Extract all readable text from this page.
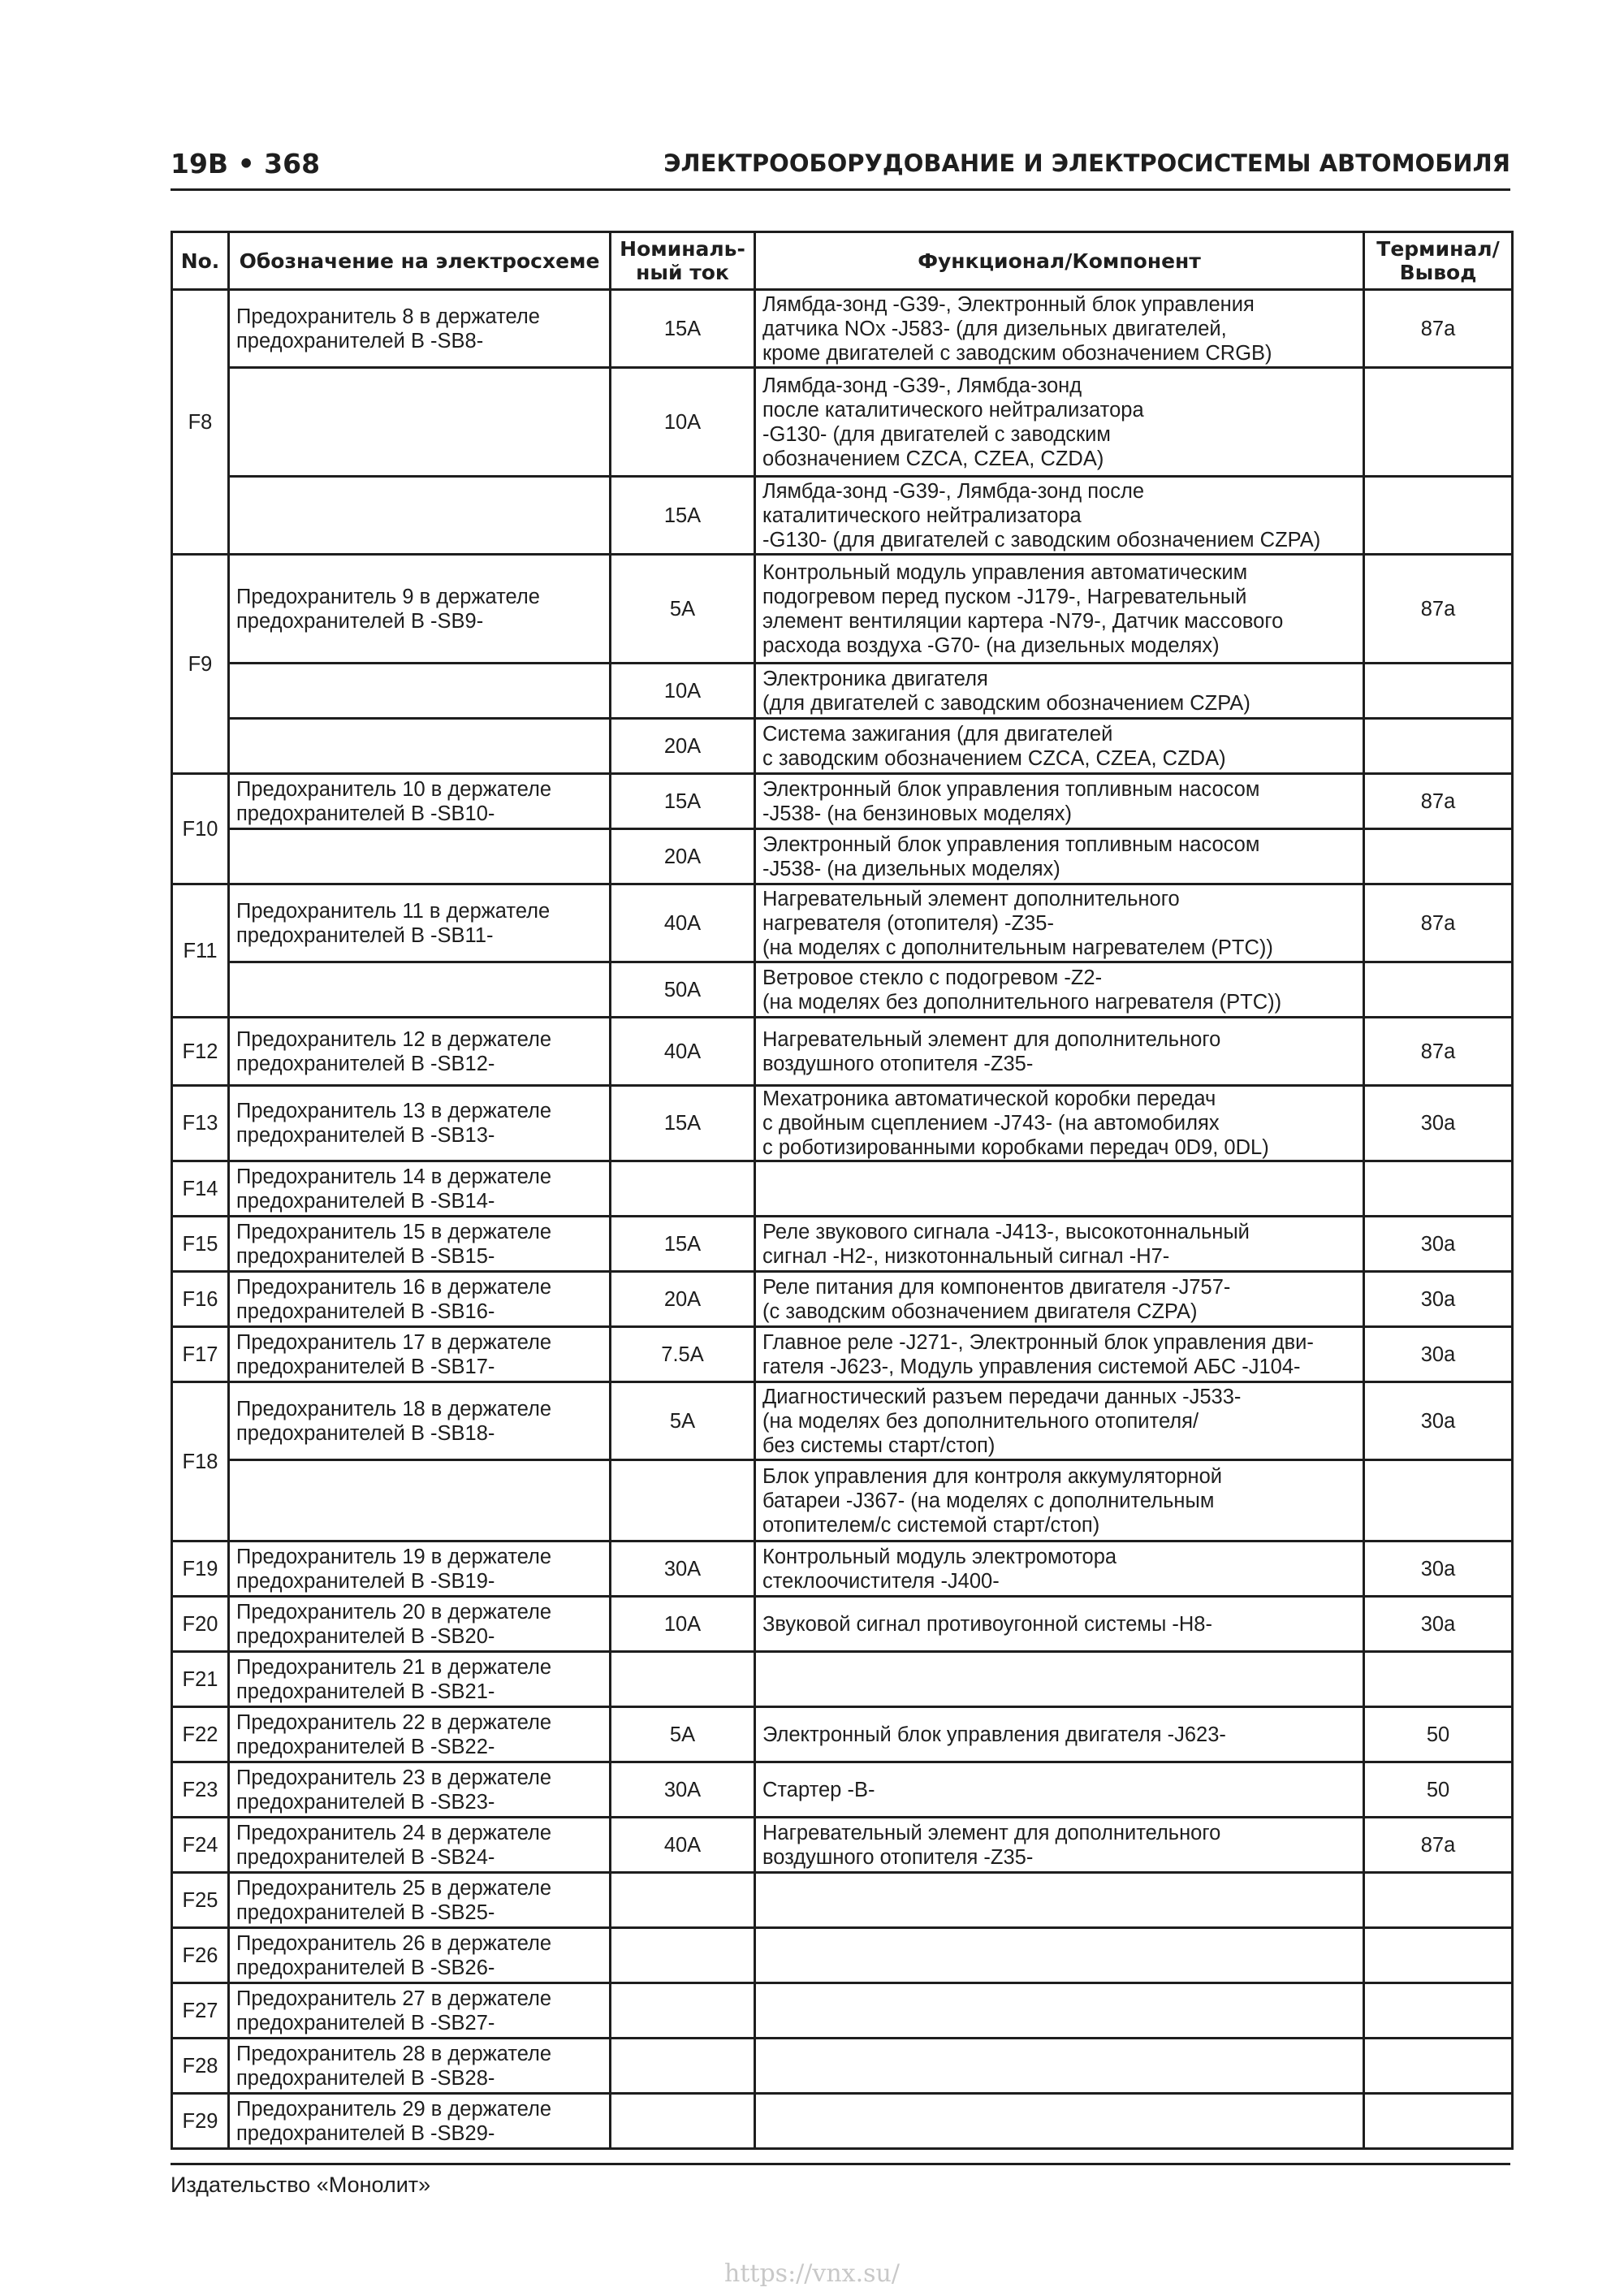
19B • 368	ЭЛЕКТРООБОРУДОВАНИЕ И ЭЛЕКТРОСИСТЕМЫ АВТОМОБИЛЯ
No.	Обозначение на электросхеме	Номиналь-
ный ток	Функционал/Компонент	Терминал/
Вывод
F8	Предохранитель 8 в держателе
предохранителей B -SB8-	15A	Лямбда-зонд -G39-, Электронный блок управления
датчика NOx -J583- (для дизельных двигателей,
кроме двигателей с заводским обозначением CRGB)	87a
		10A	Лямбда-зонд -G39-, Лямбда-зонд
после каталитического нейтрализатора
-G130- (для двигателей с заводским
обозначением CZCA, CZEA, CZDA)	
		15A	Лямбда-зонд -G39-, Лямбда-зонд после
каталитического нейтрализатора
-G130- (для двигателей с заводским обозначением CZPA)	
F9	Предохранитель 9 в держателе
предохранителей B -SB9-	5A	Контрольный модуль управления автоматическим
подогревом перед пуском -J179-, Нагревательный
элемент вентиляции картера -N79-, Датчик массового
расхода воздуха -G70- (на дизельных моделях)	87a
		10A	Электроника двигателя
(для двигателей с заводским обозначением CZPA)	
		20A	Система зажигания (для двигателей
с заводским обозначением CZCA, CZEA, CZDA)	
F10	Предохранитель 10 в держателе
предохранителей B -SB10-	15A	Электронный блок управления топливным насосом
-J538- (на бензиновых моделях)	87a
		20A	Электронный блок управления топливным насосом
-J538- (на дизельных моделях)	
F11	Предохранитель 11 в держателе
предохранителей B -SB11-	40A	Нагревательный элемент дополнительного
нагревателя (отопителя) -Z35-
(на моделях с дополнительным нагревателем (PTC))	87a
		50A	Ветровое стекло с подогревом -Z2-
(на моделях без дополнительного нагревателя (PTC))	
F12	Предохранитель 12 в держателе
предохранителей B -SB12-	40A	Нагревательный элемент для дополнительного
воздушного отопителя -Z35-	87a
F13	Предохранитель 13 в держателе
предохранителей B -SB13-	15A	Мехатроника автоматической коробки передач
с двойным сцеплением -J743- (на автомобилях
с роботизированными коробками передач 0D9, 0DL)	30a
F14	Предохранитель 14 в держателе
предохранителей B -SB14-			
F15	Предохранитель 15 в держателе
предохранителей B -SB15-	15A	Реле звукового сигнала -J413-, высокотоннальный
сигнал -H2-, низкотоннальный сигнал -H7-	30a
F16	Предохранитель 16 в держателе
предохранителей B -SB16-	20A	Реле питания для компонентов двигателя -J757-
(с заводским обозначением двигателя CZPA)	30a
F17	Предохранитель 17 в держателе
предохранителей B -SB17-	7.5A	Главное реле -J271-, Электронный блок управления дви-
гателя -J623-, Модуль управления системой АБС -J104-	30a
F18	Предохранитель 18 в держателе
предохранителей B -SB18-	5A	Диагностический разъем передачи данных -J533-
(на моделях без дополнительного отопителя/
без системы старт/стоп)	30a
			Блок управления для контроля аккумуляторной
батареи -J367- (на моделях с дополнительным
отопителем/с системой старт/стоп)	
F19	Предохранитель 19 в держателе
предохранителей B -SB19-	30A	Контрольный модуль электромотора
стеклоочистителя -J400-	30a
F20	Предохранитель 20 в держателе
предохранителей B -SB20-	10A	Звуковой сигнал противоугонной системы -H8-	30a
F21	Предохранитель 21 в держателе
предохранителей B -SB21-			
F22	Предохранитель 22 в держателе
предохранителей B -SB22-	5A	Электронный блок управления двигателя -J623-	50
F23	Предохранитель 23 в держателе
предохранителей B -SB23-	30A	Стартер -B-	50
F24	Предохранитель 24 в держателе
предохранителей B -SB24-	40A	Нагревательный элемент для дополнительного
воздушного отопителя -Z35-	87a
F25	Предохранитель 25 в держателе
предохранителей B -SB25-			
F26	Предохранитель 26 в держателе
предохранителей B -SB26-			
F27	Предохранитель 27 в держателе
предохранителей B -SB27-			
F28	Предохранитель 28 в держателе
предохранителей B -SB28-			
F29	Предохранитель 29 в держателе
предохранителей B -SB29-			
Издательство «Монолит»
https://vnx.su/
